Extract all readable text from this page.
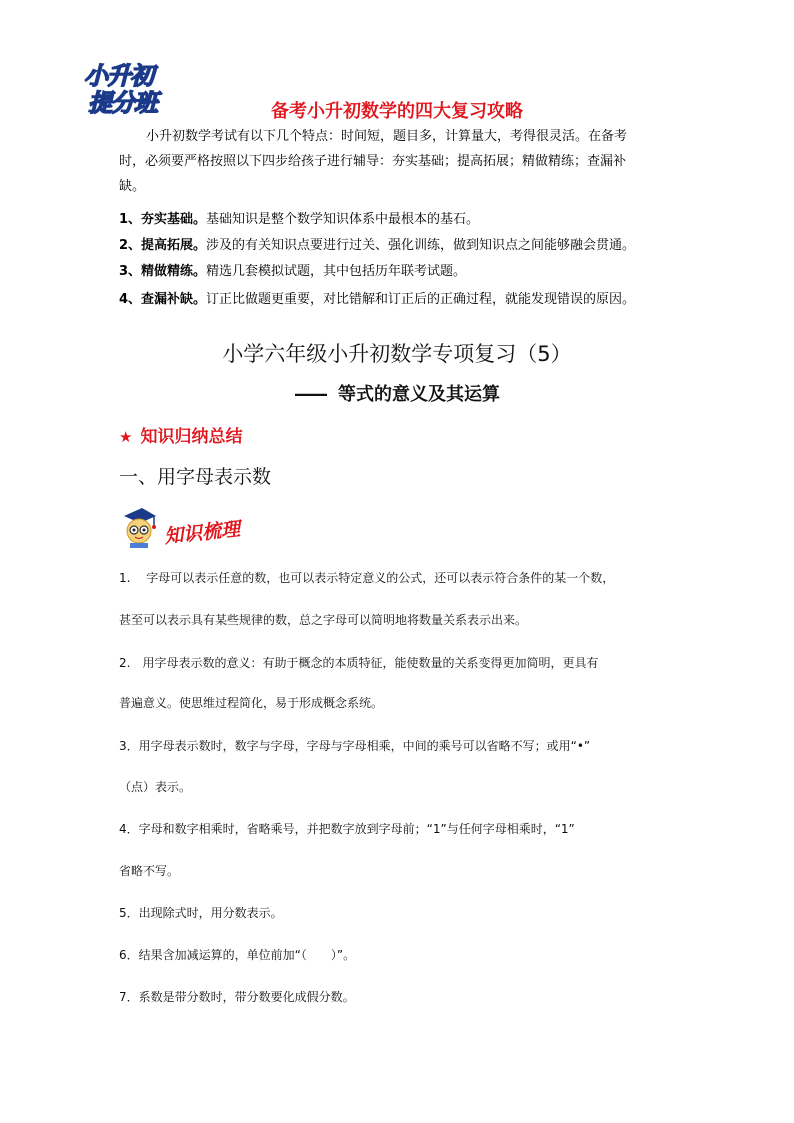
小升初
提分班	备考小升初数学的四大复习攻略
小升初数学考试有以下几个特点：时间短，题目多，计算量大，考得很灵活。在备考
时，必须要严格按照以下四步给孩子进行辅导：夯实基础；提高拓展；精做精练；查漏补
缺。
1、夯实基础。基础知识是整个数学知识体系中最根本的基石。
2、提高拓展。涉及的有关知识点要进行过关、强化训练，做到知识点之间能够融会贯通。
3、精做精练。精选几套模拟试题，其中包括历年联考试题。
4、查漏补缺。订正比做题更重要，对比错解和订正后的正确过程，就能发现错误的原因。
小学六年级小升初数学专项复习（5）
—— 等式的意义及其运算
★ 知识归纳总结
一、用字母表示数
知识梳理
1.　 字母可以表示任意的数，也可以表示特定意义的公式，还可以表示符合条件的某一个数，
甚至可以表示具有某些规律的数，总之字母可以简明地将数量关系表示出来。
2.　用字母表示数的意义：有助于概念的本质特征，能使数量的关系变得更加简明，更具有
普遍意义。使思维过程简化，易于形成概念系统。
3．用字母表示数时，数字与字母，字母与字母相乘，中间的乘号可以省略不写；或用“•”
（点）表示。
4．字母和数字相乘时，省略乘号，并把数字放到字母前；“1”与任何字母相乘时，“1”
省略不写。
5．出现除式时，用分数表示。
6．结果含加减运算的，单位前加“（　　）”。
7．系数是带分数时，带分数要化成假分数。
